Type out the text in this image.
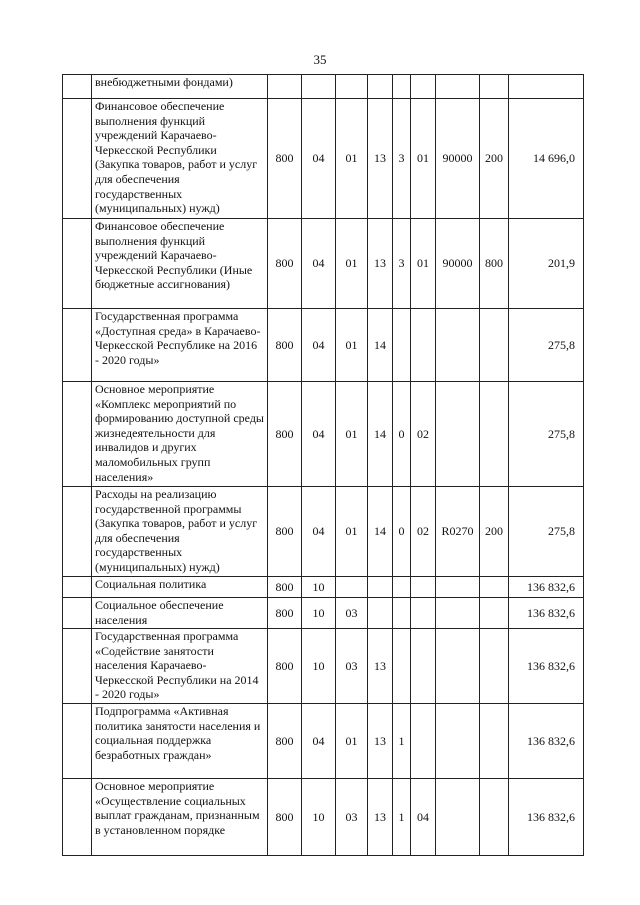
35
	внебюджетными фондами)									
	Финансовое обеспечение выполнения функций учреждений Карачаево-Черкесской Республики (Закупка товаров, работ и услуг для обеспечения государственных (муниципальных) нужд)	800	04	01	13	3	01	90000	200	14 696,0
	Финансовое обеспечение выполнения функций учреждений Карачаево-Черкесской Республики (Иные бюджетные ассигнования)	800	04	01	13	3	01	90000	800	201,9
	Государственная программа «Доступная среда» в Карачаево-Черкесской Республике на 2016 - 2020 годы»	800	04	01	14					275,8
	Основное мероприятие «Комплекс мероприятий по формированию доступной среды жизнедеятельности для инвалидов и других маломобильных групп населения»	800	04	01	14	0	02			275,8
	Расходы на реализацию государственной программы (Закупка товаров, работ и услуг для обеспечения государственных (муниципальных) нужд)	800	04	01	14	0	02	R0270	200	275,8
	Социальная политика	800	10							136 832,6
	Социальное обеспечение населения	800	10	03						136 832,6
	Государственная программа «Содействие занятости населения Карачаево-Черкесской Республики на 2014 - 2020 годы»	800	10	03	13					136 832,6
	Подпрограмма «Активная политика занятости населения и социальная поддержка безработных граждан»	800	04	01	13	1				136 832,6
	Основное мероприятие «Осуществление социальных выплат гражданам, признанным в установленном порядке	800	10	03	13	1	04			136 832,6
